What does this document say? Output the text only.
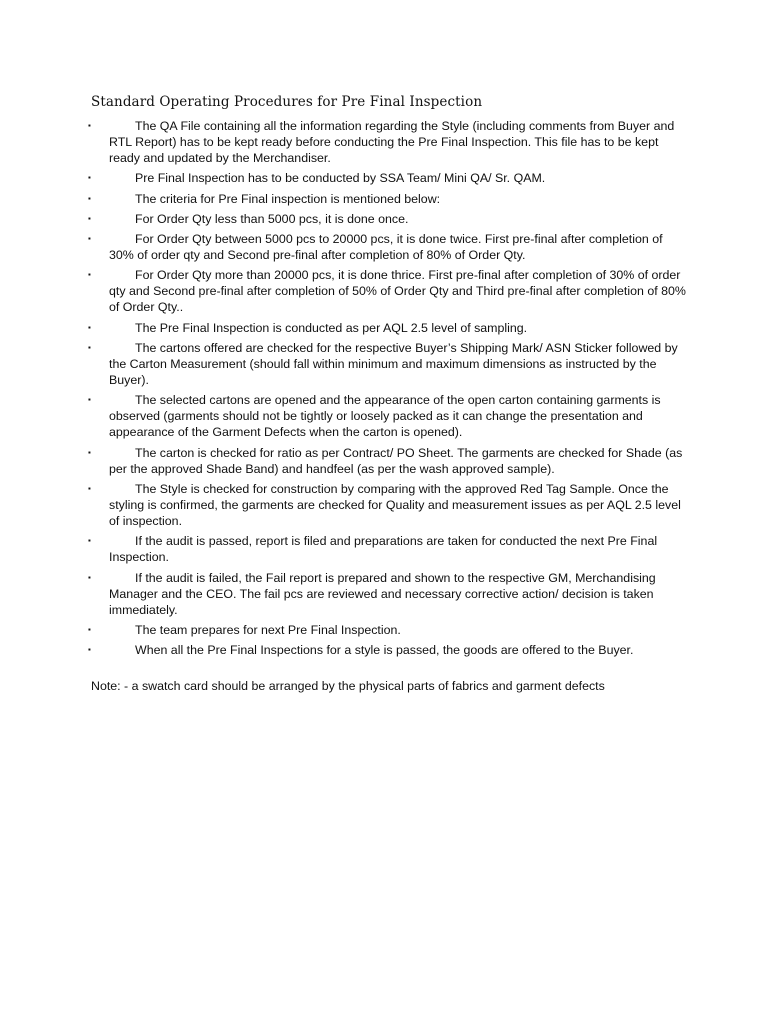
Standard Operating Procedures for Pre Final Inspection
▪	The QA File containing all the information regarding the Style (including comments from Buyer and RTL Report) has to be kept ready before conducting the Pre Final Inspection. This file has to be kept ready and updated by the Merchandiser.
▪	Pre Final Inspection has to be conducted by SSA Team/ Mini QA/ Sr. QAM.
▪	The criteria for Pre Final inspection is mentioned below:
▪	For Order Qty less than 5000 pcs, it is done once.
▪	For Order Qty between 5000 pcs to 20000 pcs, it is done twice. First pre-final after completion of 30% of order qty and Second pre-final after completion of 80% of Order Qty.
▪	For Order Qty more than 20000 pcs, it is done thrice. First pre-final after completion of 30% of order qty and Second pre-final after completion of 50% of Order Qty and Third pre-final after completion of 80% of Order Qty..
▪	The Pre Final Inspection is conducted as per AQL 2.5 level of sampling.
▪	The cartons offered are checked for the respective Buyer’s Shipping Mark/ ASN Sticker followed by the Carton Measurement (should fall within minimum and maximum dimensions as instructed by the Buyer).
▪	The selected cartons are opened and the appearance of the open carton containing garments is observed (garments should not be tightly or loosely packed as it can change the presentation and appearance of the Garment Defects when the carton is opened).
▪	The carton is checked for ratio as per Contract/ PO Sheet. The garments are checked for Shade (as per the approved Shade Band) and handfeel (as per the wash approved sample).
▪	The Style is checked for construction by comparing with the approved Red Tag Sample. Once the styling is confirmed, the garments are checked for Quality and measurement issues as per AQL 2.5 level of inspection.
▪	If the audit is passed, report is filed and preparations are taken for conducted the next Pre Final Inspection.
▪	If the audit is failed, the Fail report is prepared and shown to the respective GM, Merchandising Manager and the CEO. The fail pcs are reviewed and necessary corrective action/ decision is taken immediately.
▪	The team prepares for next Pre Final Inspection.
▪	When all the Pre Final Inspections for a style is passed, the goods are offered to the Buyer.

Note: - a swatch card should be arranged by the physical parts of fabrics and garment defects
